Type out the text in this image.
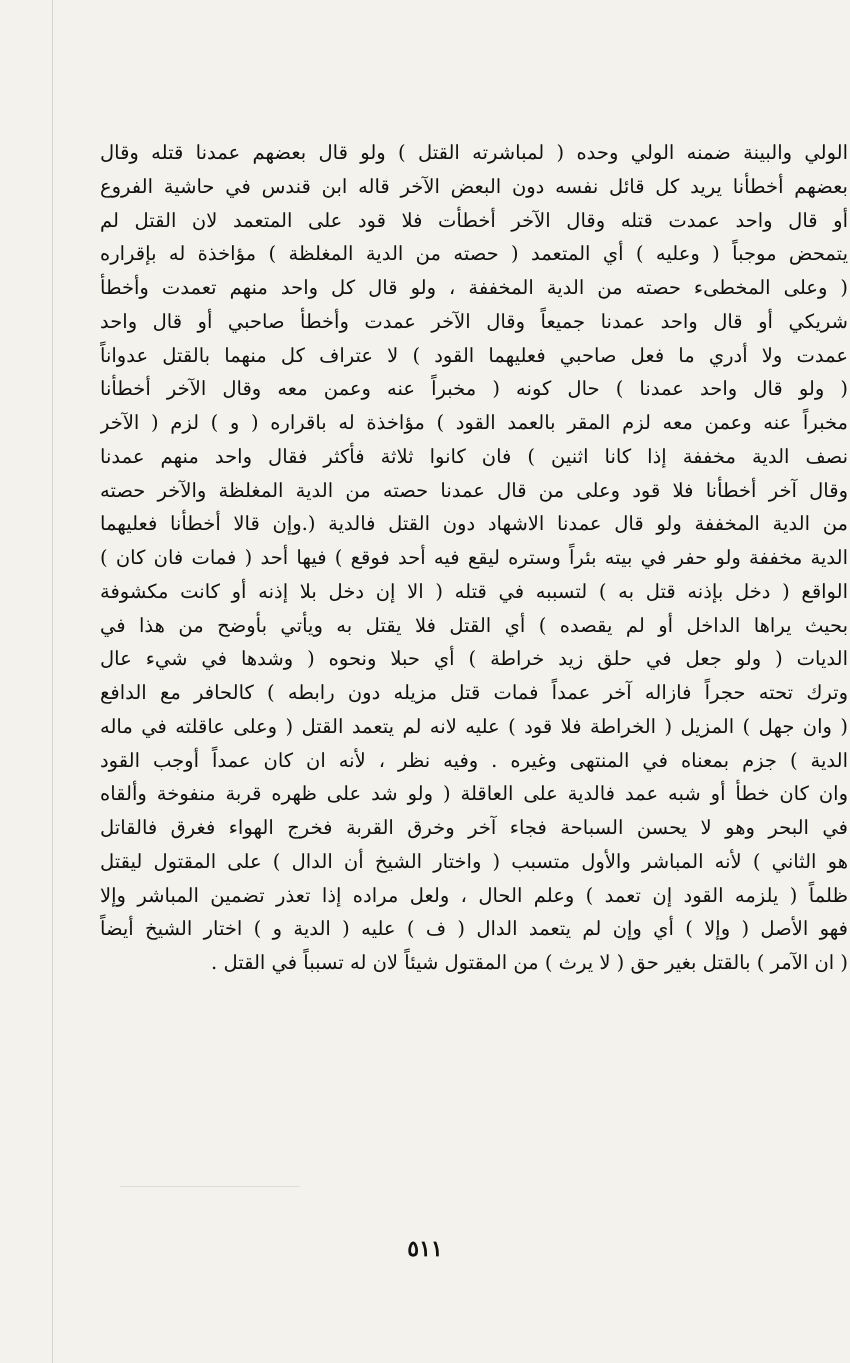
الولي والبينة ضمنه الولي وحده ( لمباشرته القتل ) ولو قال بعضهم عمدنا قتله وقال
بعضهم أخطأنا يريد كل قائل نفسه دون البعض الآخر قاله ابن قندس في حاشية الفروع
أو قال واحد عمدت قتله وقال الآخر أخطأت فلا قود على المتعمد لان القتل لم
يتمحض موجباً ( وعليه ) أي المتعمد ( حصته من الدية المغلظة ) مؤاخذة له بإقراره
( وعلى المخطىء حصته من الدية المخففة ، ولو قال كل واحد منهم تعمدت وأخطأ
شريكي أو قال واحد عمدنا جميعاً وقال الآخر عمدت وأخطأ صاحبي أو قال واحد
عمدت ولا أدري ما فعل صاحبي فعليهما القود ) لا عتراف كل منهما بالقتل عدواناً
( ولو قال واحد عمدنا ) حال كونه ( مخبراً عنه وعمن معه وقال الآخر أخطأنا
مخبراً عنه وعمن معه لزم المقر بالعمد القود ) مؤاخذة له باقراره ( و ) لزم ( الآخر
نصف الدية مخففة إذا كانا اثنين ) فان كانوا ثلاثة فأكثر فقال واحد منهم عمدنا
وقال آخر أخطأنا فلا قود وعلى من قال عمدنا حصته من الدية المغلظة والآخر حصته
من الدية المخففة ولو قال عمدنا الاشهاد دون القتل فالدية (.وإن قالا أخطأنا فعليهما
الدية مخففة ولو حفر في بيته بئراً وستره ليقع فيه أحد فوقع ) فيها أحد ( فمات فان كان )
الواقع ( دخل بإذنه قتل به ) لتسببه في قتله ( الا إن دخل بلا إذنه أو كانت مكشوفة
بحيث يراها الداخل أو لم يقصده ) أي القتل فلا يقتل به ويأتي بأوضح من هذا في
الديات ( ولو جعل في حلق زيد خراطة ) أي حبلا ونحوه ( وشدها في شيء عال
وترك تحته حجراً فازاله آخر عمداً فمات قتل مزيله دون رابطه ) كالحافر مع الدافع
( وان جهل ) المزيل ( الخراطة فلا قود ) عليه لانه لم يتعمد القتل ( وعلى عاقلته في ماله
الدية ) جزم بمعناه في المنتهى وغيره . وفيه نظر ، لأنه ان كان عمداً أوجب القود
وان كان خطأ أو شبه عمد فالدية على العاقلة ( ولو شد على ظهره قربة منفوخة وألقاه
في البحر وهو لا يحسن السباحة فجاء آخر وخرق القربة فخرج الهواء فغرق فالقاتل
هو الثاني ) لأنه المباشر والأول متسبب ( واختار الشيخ أن الدال ) على المقتول ليقتل
ظلماً ( يلزمه القود إن تعمد ) وعلم الحال ، ولعل مراده إذا تعذر تضمين المباشر وإلا
فهو الأصل ( وإلا ) أي وإن لم يتعمد الدال ( ف ) عليه ( الدية و ) اختار الشيخ أيضاً
( ان الآمر ) بالقتل بغير حق ( لا يرث ) من المقتول شيئاً لان له تسبباً في القتل .
٥١١
